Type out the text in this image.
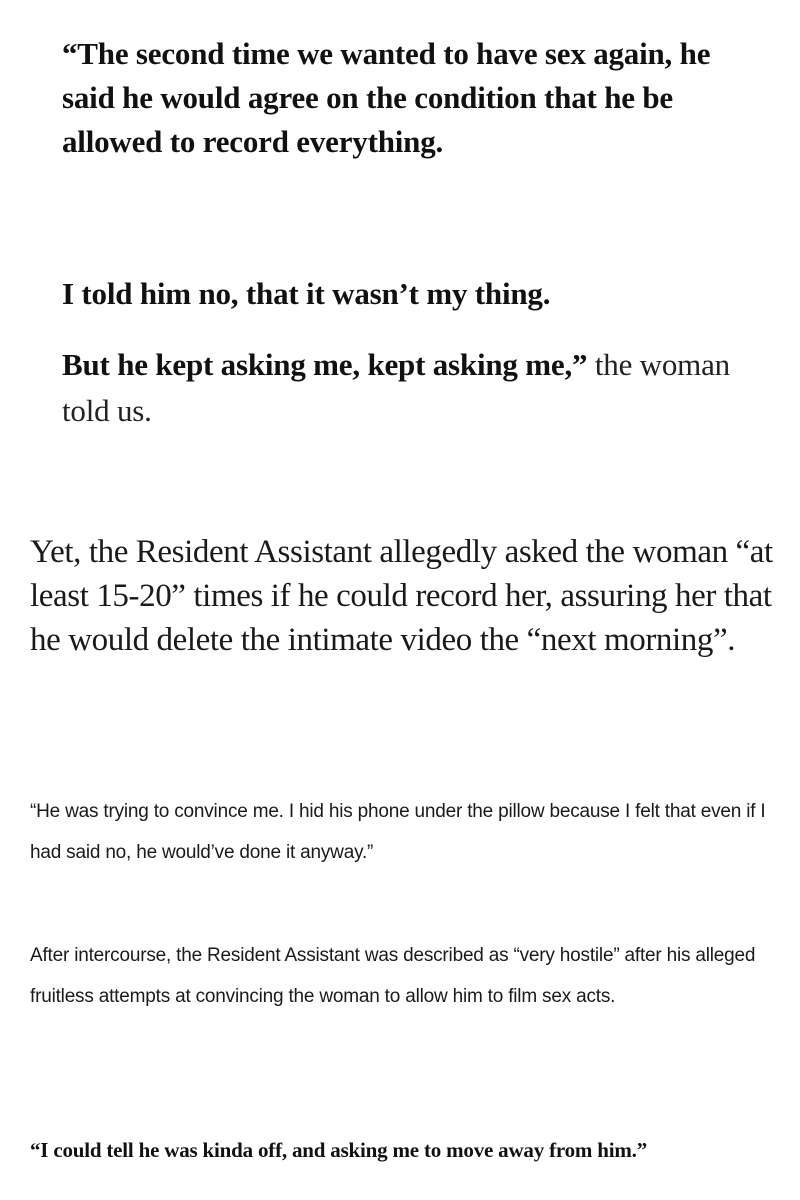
“The second time we wanted to have sex again, he said he would agree on the condition that he be allowed to record everything.

I told him no, that it wasn’t my thing.

But he kept asking me, kept asking me,” the woman told us.

Yet, the Resident Assistant allegedly asked the woman “at least 15-20” times if he could record her, assuring her that he would delete the intimate video the “next morning”.

“He was trying to convince me. I hid his phone under the pillow because I felt that even if I had said no, he would’ve done it anyway.”

After intercourse, the Resident Assistant was described as “very hostile” after his alleged fruitless attempts at convincing the woman to allow him to film sex acts.

“I could tell he was kinda off, and asking me to move away from him.”
